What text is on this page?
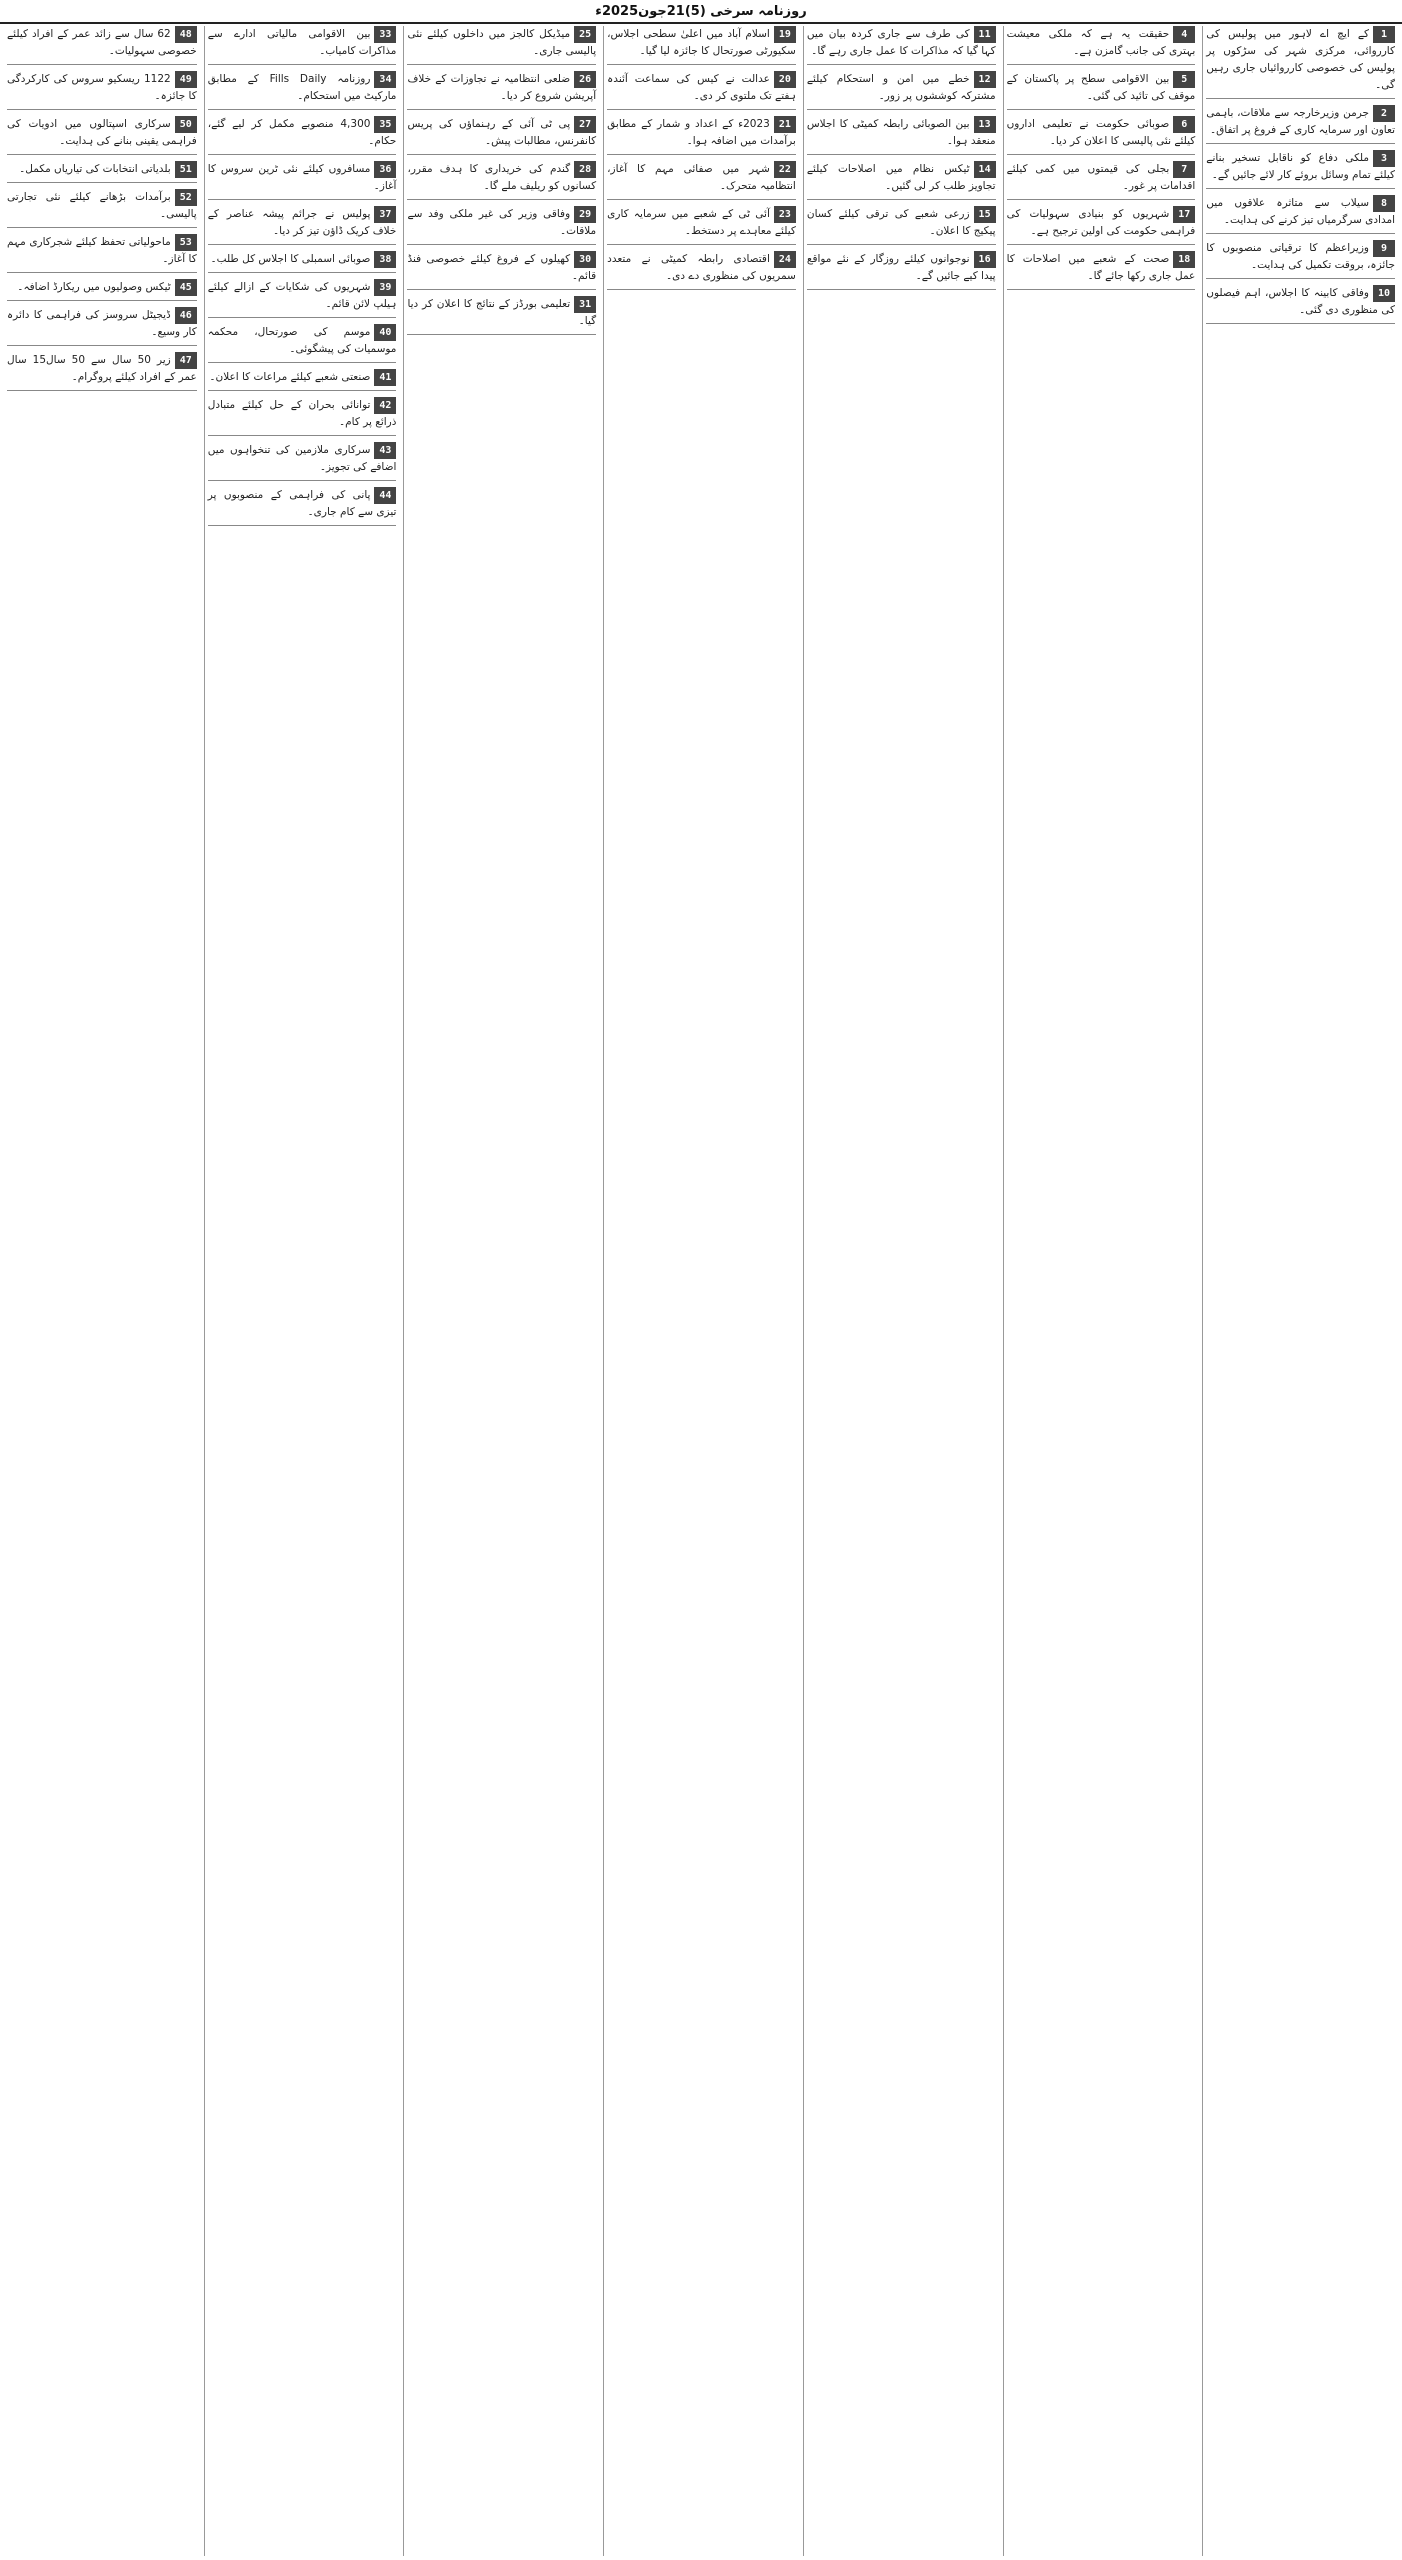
روزنامہ سرخی (5)21جون2025ء
1کے ایچ اے لاہور میں پولیس کی کارروائی، مرکزی شہر کی سڑکوں پر پولیس کی خصوصی کارروائیاں جاری رہیں گی۔
2جرمن وزیرخارجہ سے ملاقات، باہمی تعاون اور سرمایہ کاری کے فروغ پر اتفاق۔
3ملکی دفاع کو ناقابل تسخیر بنانے کیلئے تمام وسائل بروئے کار لائے جائیں گے۔
8سیلاب سے متاثرہ علاقوں میں امدادی سرگرمیاں تیز کرنے کی ہدایت۔
9وزیراعظم کا ترقیاتی منصوبوں کا جائزہ، بروقت تکمیل کی ہدایت۔
10وفاقی کابینہ کا اجلاس، اہم فیصلوں کی منظوری دی گئی۔
4حقیقت یہ ہے کہ ملکی معیشت بہتری کی جانب گامزن ہے۔
5بین الاقوامی سطح پر پاکستان کے موقف کی تائید کی گئی۔
6صوبائی حکومت نے تعلیمی اداروں کیلئے نئی پالیسی کا اعلان کر دیا۔
7بجلی کی قیمتوں میں کمی کیلئے اقدامات پر غور۔
17شہریوں کو بنیادی سہولیات کی فراہمی حکومت کی اولین ترجیح ہے۔
18صحت کے شعبے میں اصلاحات کا عمل جاری رکھا جائے گا۔
11کی طرف سے جاری کردہ بیان میں کہا گیا کہ مذاکرات کا عمل جاری رہے گا۔
12خطے میں امن و استحکام کیلئے مشترکہ کوششوں پر زور۔
13بین الصوبائی رابطہ کمیٹی کا اجلاس منعقد ہوا۔
14ٹیکس نظام میں اصلاحات کیلئے تجاویز طلب کر لی گئیں۔
15زرعی شعبے کی ترقی کیلئے کسان پیکیج کا اعلان۔
16نوجوانوں کیلئے روزگار کے نئے مواقع پیدا کیے جائیں گے۔
19اسلام آباد میں اعلیٰ سطحی اجلاس، سکیورٹی صورتحال کا جائزہ لیا گیا۔
20عدالت نے کیس کی سماعت آئندہ ہفتے تک ملتوی کر دی۔
212023ء کے اعداد و شمار کے مطابق برآمدات میں اضافہ ہوا۔
22شہر میں صفائی مہم کا آغاز، انتظامیہ متحرک۔
23آئی ٹی کے شعبے میں سرمایہ کاری کیلئے معاہدے پر دستخط۔
24اقتصادی رابطہ کمیٹی نے متعدد سمریوں کی منظوری دے دی۔
25میڈیکل کالجز میں داخلوں کیلئے نئی پالیسی جاری۔
26ضلعی انتظامیہ نے تجاوزات کے خلاف آپریشن شروع کر دیا۔
27پی ٹی آئی کے رہنماؤں کی پریس کانفرنس، مطالبات پیش۔
28گندم کی خریداری کا ہدف مقرر، کسانوں کو ریلیف ملے گا۔
29وفاقی وزیر کی غیر ملکی وفد سے ملاقات۔
30کھیلوں کے فروغ کیلئے خصوصی فنڈ قائم۔
31تعلیمی بورڈز کے نتائج کا اعلان کر دیا گیا۔
33بین الاقوامی مالیاتی ادارے سے مذاکرات کامیاب۔
34روزنامہ Fills Daily کے مطابق مارکیٹ میں استحکام۔
354,300 منصوبے مکمل کر لیے گئے، حکام۔
36مسافروں کیلئے نئی ٹرین سروس کا آغاز۔
37پولیس نے جرائم پیشہ عناصر کے خلاف کریک ڈاؤن تیز کر دیا۔
38صوبائی اسمبلی کا اجلاس کل طلب۔
39شہریوں کی شکایات کے ازالے کیلئے ہیلپ لائن قائم۔
40موسم کی صورتحال، محکمہ موسمیات کی پیشگوئی۔
41صنعتی شعبے کیلئے مراعات کا اعلان۔
42توانائی بحران کے حل کیلئے متبادل ذرائع پر کام۔
43سرکاری ملازمین کی تنخواہوں میں اضافے کی تجویز۔
44پانی کی فراہمی کے منصوبوں پر تیزی سے کام جاری۔
4862 سال سے زائد عمر کے افراد کیلئے خصوصی سہولیات۔
491122 ریسکیو سروس کی کارکردگی کا جائزہ۔
50سرکاری اسپتالوں میں ادویات کی فراہمی یقینی بنانے کی ہدایت۔
51بلدیاتی انتخابات کی تیاریاں مکمل۔
52برآمدات بڑھانے کیلئے نئی تجارتی پالیسی۔
53ماحولیاتی تحفظ کیلئے شجرکاری مہم کا آغاز۔
45ٹیکس وصولیوں میں ریکارڈ اضافہ۔
46ڈیجیٹل سروسز کی فراہمی کا دائرہ کار وسیع۔
47زیر 50 سال سے 50 سال15 سال عمر کے افراد کیلئے پروگرام۔
